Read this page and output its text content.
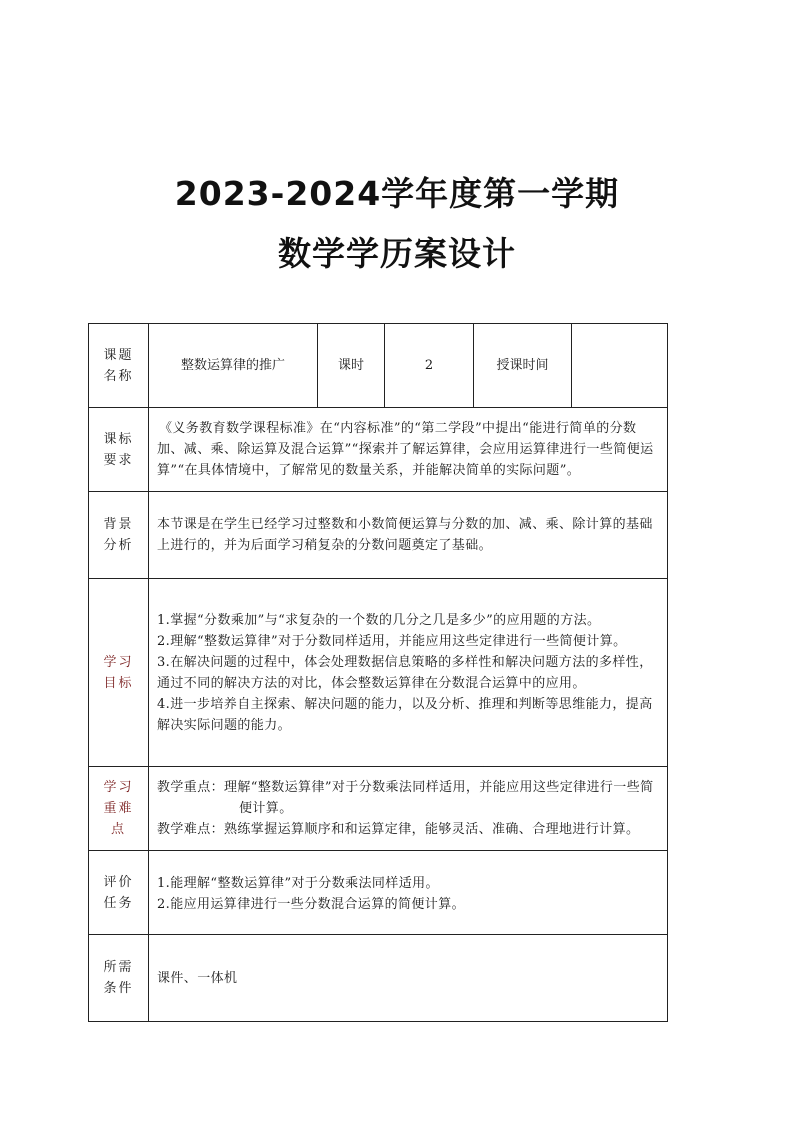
2023-2024学年度第一学期
数学学历案设计
课题名称	整数运算律的推广	课时	2	授课时间	

课标要求	《义务教育数学课程标准》在“内容标准”的“第二学段”中提出“能进行简单的分数加、减、乘、除运算及混合运算”“探索并了解运算律，会应用运算律进行一些简便运算”“在具体情境中，了解常见的数量关系，并能解决简单的实际问题”。				

背景分析	本节课是在学生已经学习过整数和小数简便运算与分数的加、减、乘、除计算的基础上进行的，并为后面学习稍复杂的分数问题奠定了基础。				

学习目标	1.掌握“分数乘加”与“求复杂的一个数的几分之几是多少”的应用题的方法。

2.理解“整数运算律”对于分数同样适用，并能应用这些定律进行一些简便计算。

3.在解决问题的过程中，体会处理数据信息策略的多样性和解决问题方法的多样性，通过不同的解决方法的对比，体会整数运算律在分数混合运算中的应用。

4.进一步培养自主探索、解决问题的能力，以及分析、推理和判断等思维能力，提高解决实际问题的能力。				

学习重难点	教学重点：理解“整数运算律”对于分数乘法同样适用，并能应用这些定律进行一些简便计算。

教学难点：熟练掌握运算顺序和和运算定律，能够灵活、准确、合理地进行计算。				

评价任务	1.能理解“整数运算律”对于分数乘法同样适用。

2.能应用运算律进行一些分数混合运算的简便计算。				

所需条件	课件、一体机				
